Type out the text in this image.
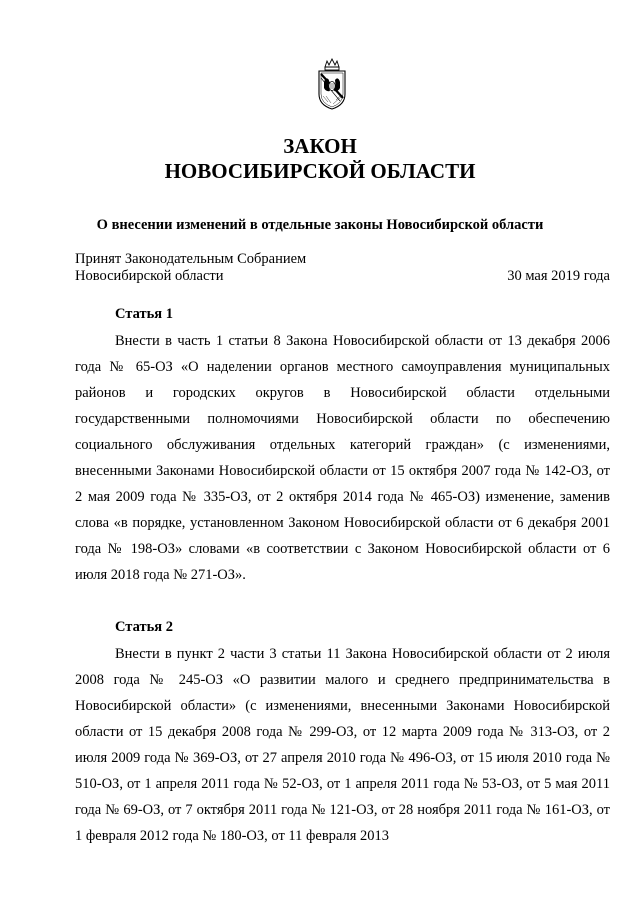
ЗАКОН
НОВОСИБИРСКОЙ ОБЛАСТИ
О внесении изменений в отдельные законы Новосибирской области
Принят Законодательным Собранием
Новосибирской области	30 мая 2019 года
Статья 1

Внести в часть 1 статьи 8 Закона Новосибирской области от 13 декабря 2006 года № 65-ОЗ «О наделении органов местного самоуправления муниципальных районов и городских округов в Новосибирской области отдельными государственными полномочиями Новосибирской области по обеспечению социального обслуживания отдельных категорий граждан» (с изменениями, внесенными Законами Новосибирской области от 15 октября 2007 года № 142-ОЗ, от 2 мая 2009 года № 335-ОЗ, от 2 октября 2014 года № 465-ОЗ) изменение, заменив слова «в порядке, установленном Законом Новосибирской области от 6 декабря 2001 года № 198-ОЗ» словами «в соответствии с Законом Новосибирской области от 6 июля 2018 года № 271-ОЗ».

Статья 2

Внести в пункт 2 части 3 статьи 11 Закона Новосибирской области от 2 июля 2008 года № 245-ОЗ «О развитии малого и среднего предпринимательства в Новосибирской области» (с изменениями, внесенными Законами Новосибирской области от 15 декабря 2008 года № 299-ОЗ, от 12 марта 2009 года № 313-ОЗ, от 2 июля 2009 года № 369-ОЗ, от 27 апреля 2010 года № 496-ОЗ, от 15 июля 2010 года № 510-ОЗ, от 1 апреля 2011 года № 52-ОЗ, от 1 апреля 2011 года № 53-ОЗ, от 5 мая 2011 года № 69-ОЗ, от 7 октября 2011 года № 121-ОЗ, от 28 ноября 2011 года № 161-ОЗ, от 1 февраля 2012 года № 180-ОЗ, от 11 февраля 2013
